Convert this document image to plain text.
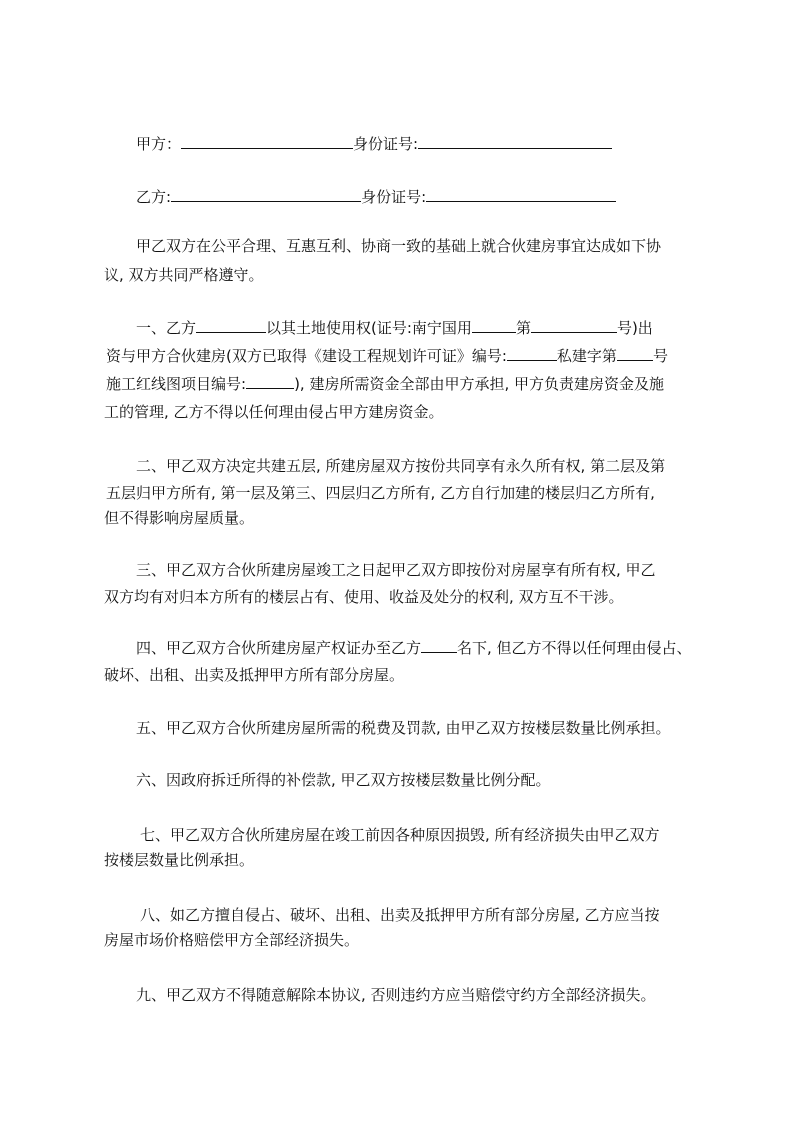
甲方：	身份证号:
乙方:	身份证号:
甲乙双方在公平合理、互惠互利、协商一致的基础上就合伙建房事宜达成如下协
议, 双方共同严格遵守。
一、乙方	以其土地使用权(证号:南宁国用	第	号)出
资与甲方合伙建房(双方已取得《建设工程规划许可证》编号:	私建字第 号
施工红线图项目编号:	), 建房所需资金全部由甲方承担, 甲方负责建房资金及施
工的管理, 乙方不得以任何理由侵占甲方建房资金。
二、甲乙双方决定共建五层, 所建房屋双方按份共同享有永久所有权, 第二层及第
五层归甲方所有, 第一层及第三、四层归乙方所有, 乙方自行加建的楼层归乙方所有,
但不得影响房屋质量。
三、甲乙双方合伙所建房屋竣工之日起甲乙双方即按份对房屋享有所有权, 甲乙
双方均有对归本方所有的楼层占有、使用、收益及处分的权利, 双方互不干涉。
四、甲乙双方合伙所建房屋产权证办至乙方 名下, 但乙方不得以任何理由侵占、
破坏、出租、出卖及抵押甲方所有部分房屋。
五、甲乙双方合伙所建房屋所需的税费及罚款, 由甲乙双方按楼层数量比例承担。
六、因政府拆迁所得的补偿款, 甲乙双方按楼层数量比例分配。
七、甲乙双方合伙所建房屋在竣工前因各种原因损毁, 所有经济损失由甲乙双方
按楼层数量比例承担。
八、如乙方擅自侵占、破坏、出租、出卖及抵押甲方所有部分房屋, 乙方应当按
房屋市场价格赔偿甲方全部经济损失。
九、甲乙双方不得随意解除本协议, 否则违约方应当赔偿守约方全部经济损失。
